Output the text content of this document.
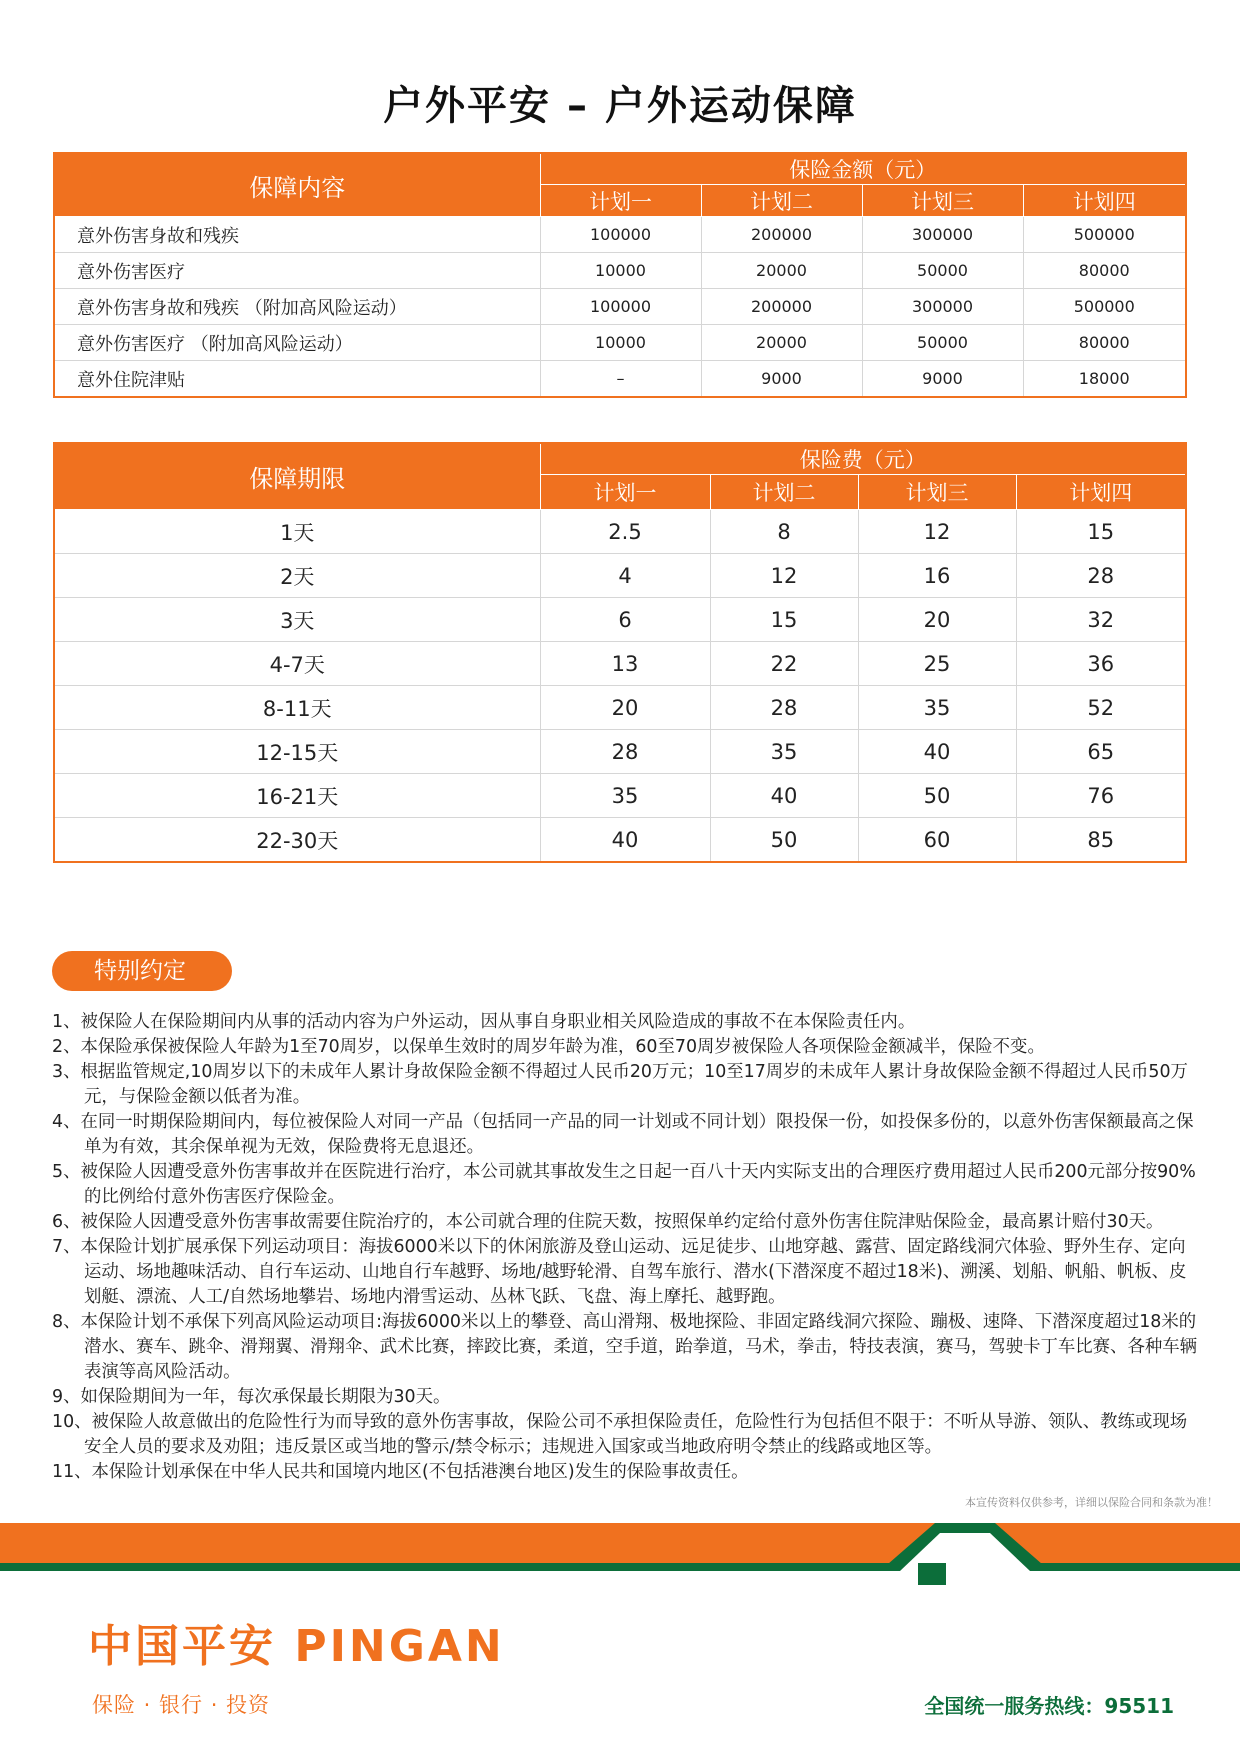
户外平安 – 户外运动保障
保障内容	保险金额（元）			
	计划一	计划二	计划三	计划四
意外伤害身故和残疾	100000	200000	300000	500000
意外伤害医疗	10000	20000	50000	80000
意外伤害身故和残疾 （附加高风险运动）	100000	200000	300000	500000
意外伤害医疗 （附加高风险运动）	10000	20000	50000	80000
意外住院津贴	–	9000	9000	18000
保障期限	保险费（元）			
	计划一	计划二	计划三	计划四
1天	2.5	8	12	15
2天	4	12	16	28
3天	6	15	20	32
4-7天	13	22	25	36
8-11天	20	28	35	52
12-15天	28	35	40	65
16-21天	35	40	50	76
22-30天	40	50	60	85
特别约定
1、被保险人在保险期间内从事的活动内容为户外运动，因从事自身职业相关风险造成的事故不在本保险责任内。
2、本保险承保被保险人年龄为1至70周岁，以保单生效时的周岁年龄为准，60至70周岁被保险人各项保险金额减半，保险不变。
3、根据监管规定,10周岁以下的未成年人累计身故保险金额不得超过人民币20万元；10至17周岁的未成年人累计身故保险金额不得超过人民币50万元，与保险金额以低者为准。
4、在同一时期保险期间内，每位被保险人对同一产品（包括同一产品的同一计划或不同计划）限投保一份，如投保多份的，以意外伤害保额最高之保单为有效，其余保单视为无效，保险费将无息退还。
5、被保险人因遭受意外伤害事故并在医院进行治疗，本公司就其事故发生之日起一百八十天内实际支出的合理医疗费用超过人民币200元部分按90%的比例给付意外伤害医疗保险金。
6、被保险人因遭受意外伤害事故需要住院治疗的，本公司就合理的住院天数，按照保单约定给付意外伤害住院津贴保险金，最高累计赔付30天。
7、本保险计划扩展承保下列运动项目：海拔6000米以下的休闲旅游及登山运动、远足徒步、山地穿越、露营、固定路线洞穴体验、野外生存、定向运动、场地趣味活动、自行车运动、山地自行车越野、场地/越野轮滑、自驾车旅行、潜水(下潜深度不超过18米)、溯溪、划船、帆船、帆板、皮划艇、漂流、人工/自然场地攀岩、场地内滑雪运动、丛林飞跃、飞盘、海上摩托、越野跑。
8、本保险计划不承保下列高风险运动项目:海拔6000米以上的攀登、高山滑翔、极地探险、非固定路线洞穴探险、蹦极、速降、下潜深度超过18米的潜水、赛车、跳伞、滑翔翼、滑翔伞、武术比赛，摔跤比赛，柔道，空手道，跆拳道，马术，拳击，特技表演，赛马，驾驶卡丁车比赛、各种车辆表演等高风险活动。
9、如保险期间为一年，每次承保最长期限为30天。
10、被保险人故意做出的危险性行为而导致的意外伤害事故，保险公司不承担保险责任，危险性行为包括但不限于：不听从导游、领队、教练或现场安全人员的要求及劝阻；违反景区或当地的警示/禁令标示；违规进入国家或当地政府明令禁止的线路或地区等。
11、本保险计划承保在中华人民共和国境内地区(不包括港澳台地区)发生的保险事故责任。
本宣传资料仅供参考，详细以保险合同和条款为准！
中国平安 PINGAN
保险 · 银行 · 投资	全国统一服务热线：95511
